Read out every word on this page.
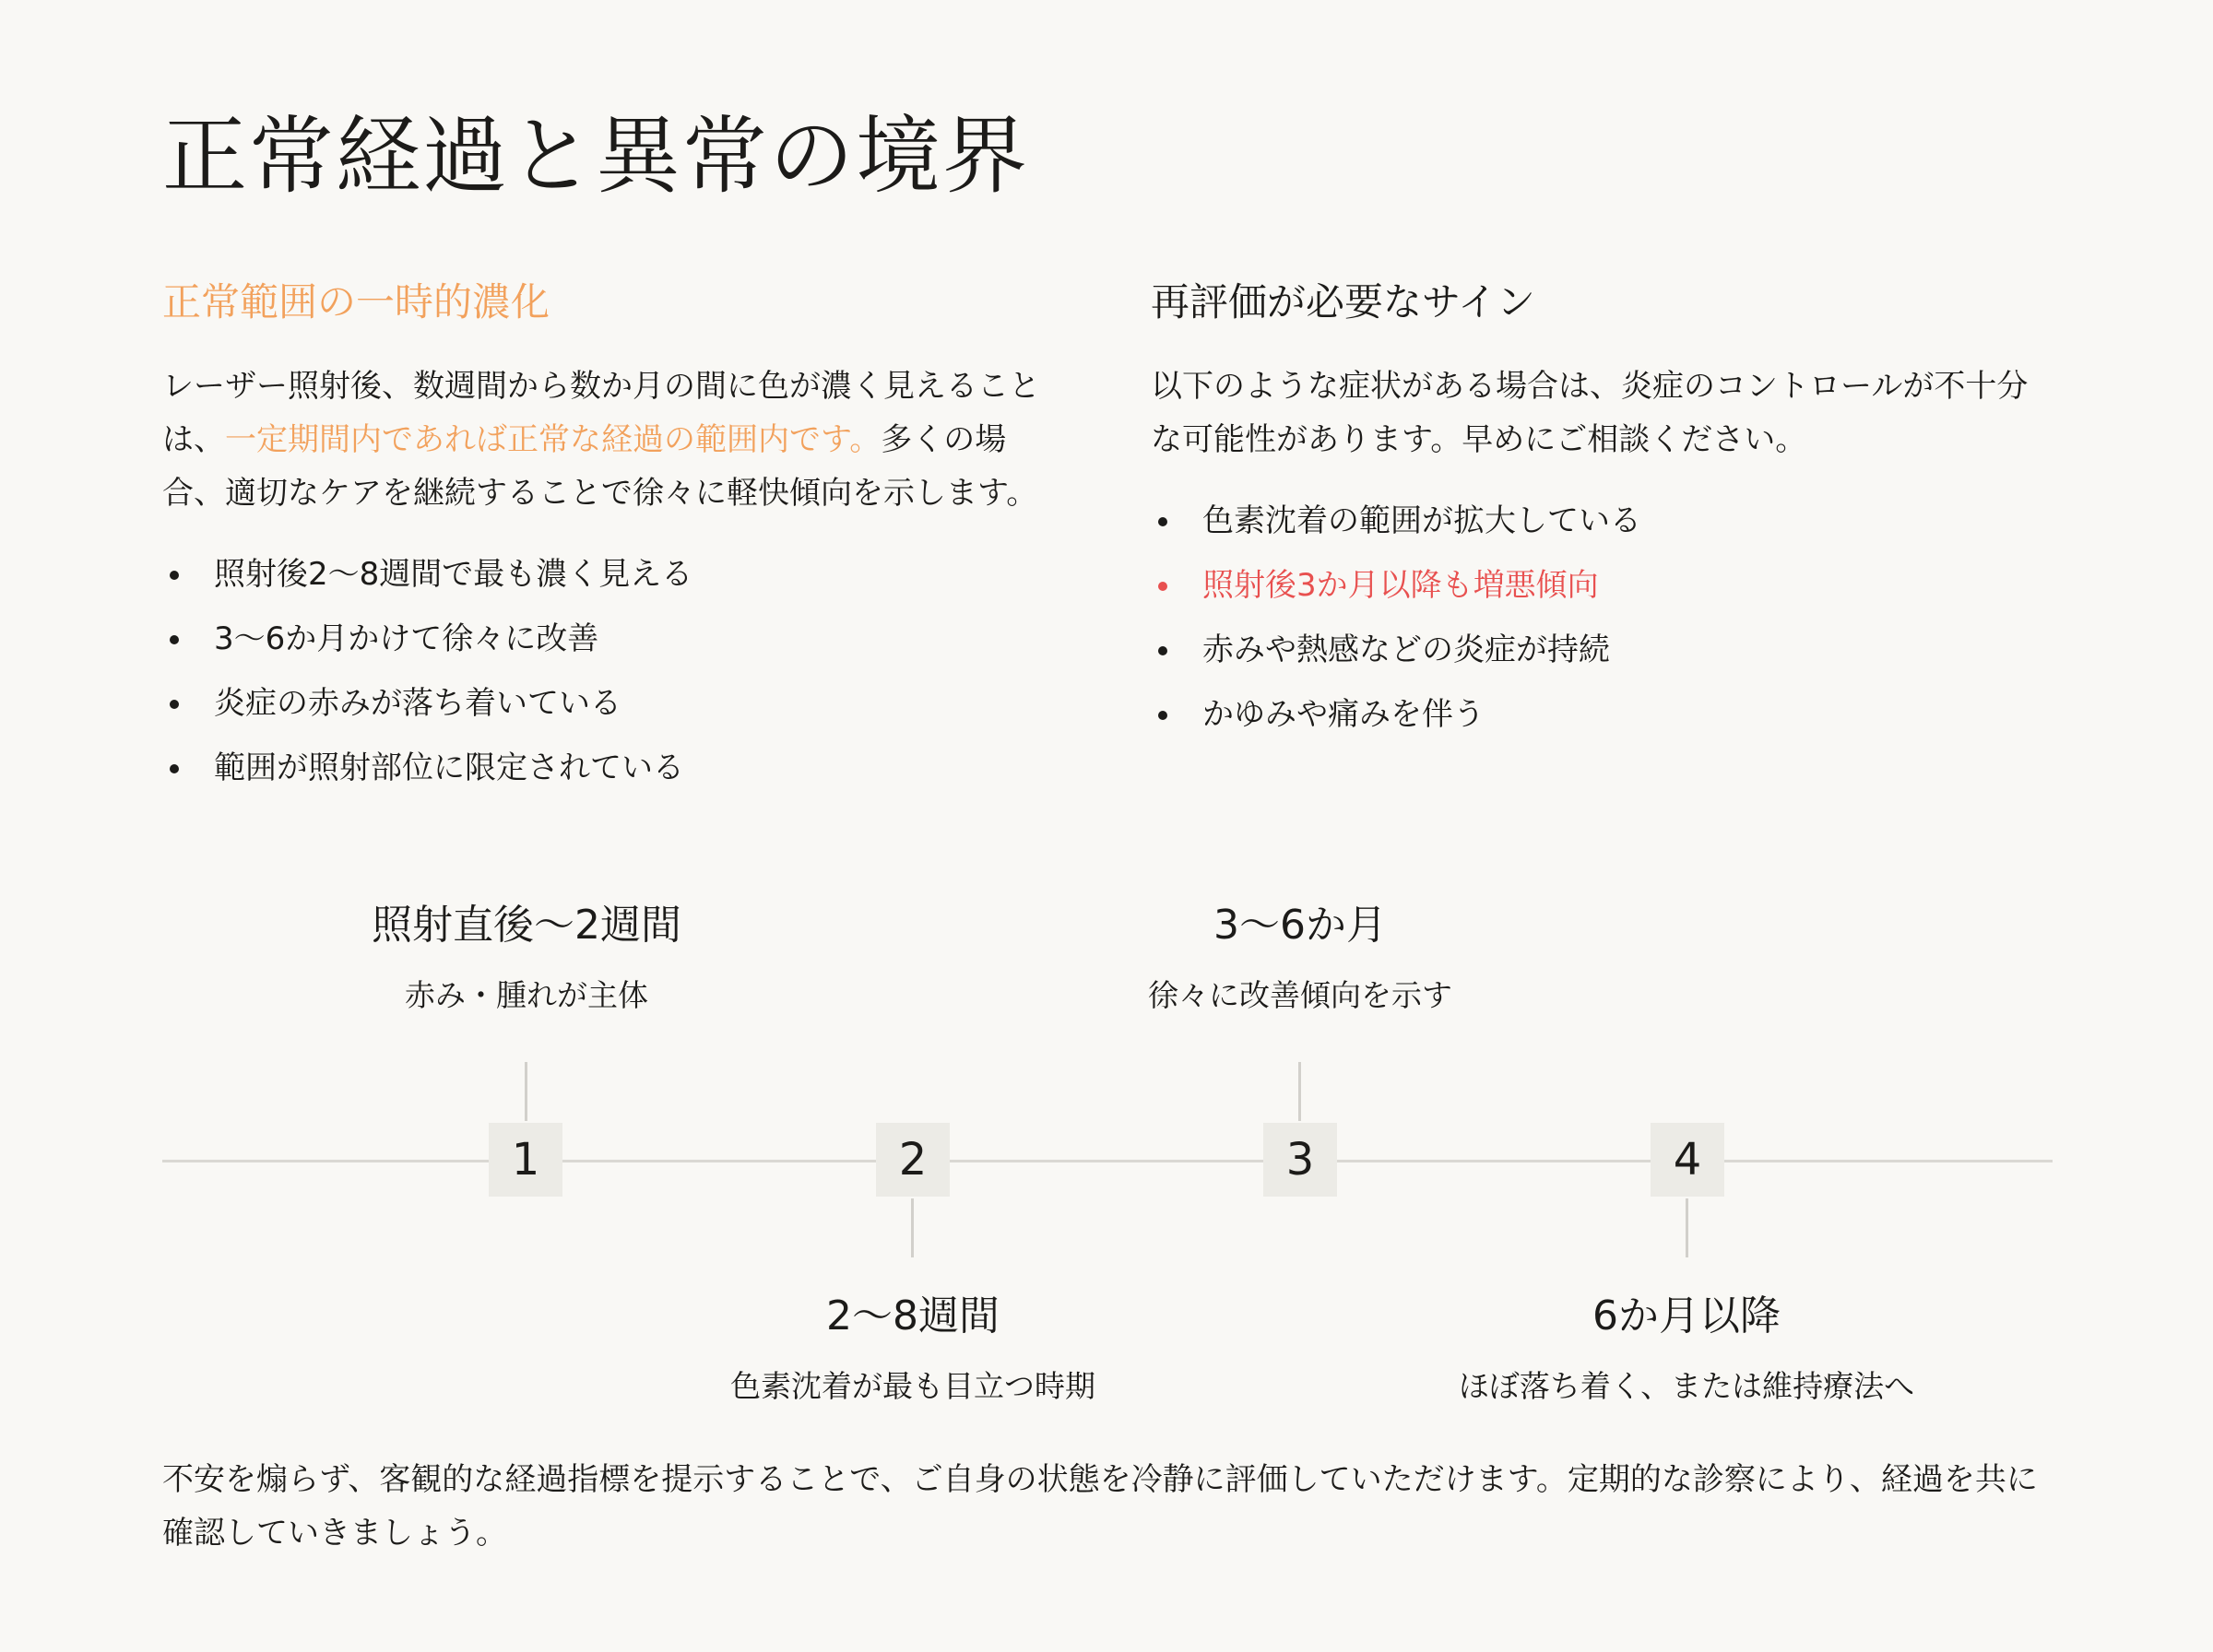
正常経過と異常の境界
正常範囲の一時的濃化

レーザー照射後、数週間から数か月の間に色が濃く見えることは、一定期間内であれば正常な経過の範囲内です。多くの場合、適切なケアを継続することで徐々に軽快傾向を示します。

照射後2〜8週間で最も濃く見える
3〜6か月かけて徐々に改善
炎症の赤みが落ち着いている
範囲が照射部位に限定されている
再評価が必要なサイン

以下のような症状がある場合は、炎症のコントロールが不十分な可能性があります。早めにご相談ください。

色素沈着の範囲が拡大している
照射後3か月以降も増悪傾向
赤みや熱感などの炎症が持続
かゆみや痛みを伴う
1	2	3	4
照射直後〜2週間
赤み・腫れが主体
2〜8週間
色素沈着が最も目立つ時期
3〜6か月
徐々に改善傾向を示す
6か月以降
ほぼ落ち着く、または維持療法へ

不安を煽らず、客観的な経過指標を提示することで、ご自身の状態を冷静に評価していただけます。定期的な診察により、経過を共に確認していきましょう。
